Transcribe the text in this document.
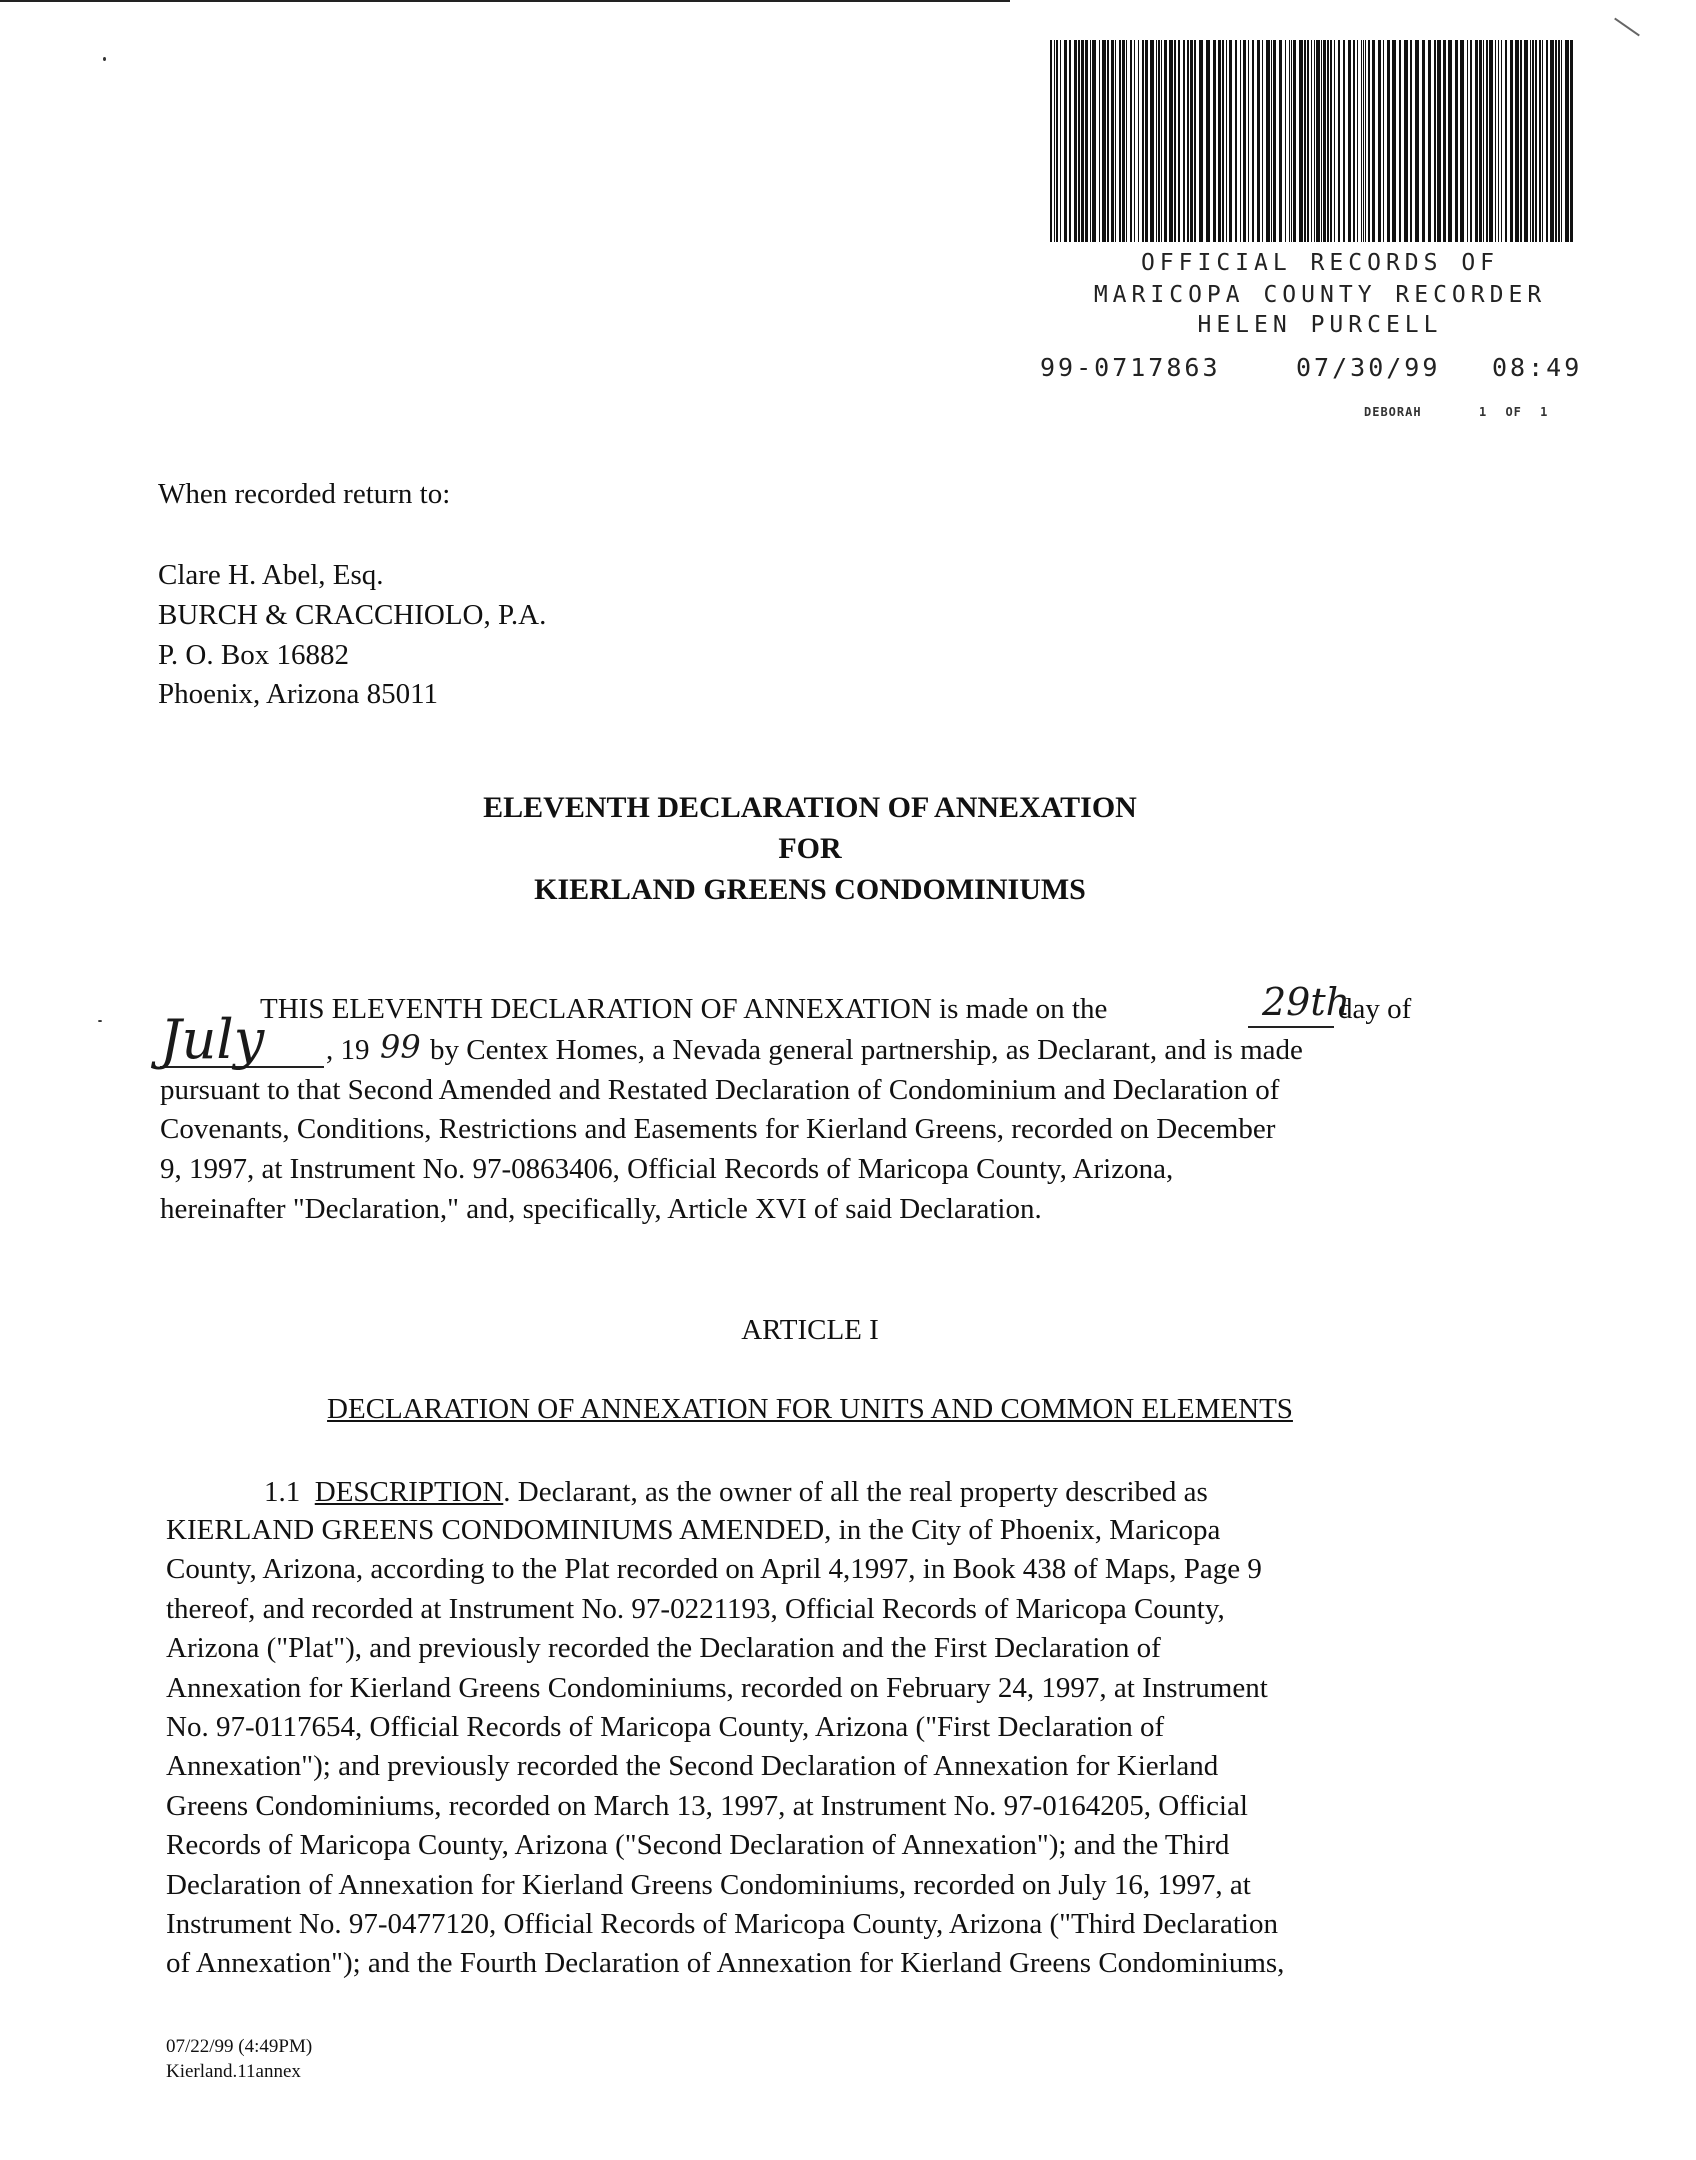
OFFICIAL RECORDS OF
MARICOPA COUNTY RECORDER
HELEN PURCELL
99-0717863	07/30/99 08:49
DEBORAH	1 OF 1
When recorded return to:
Clare H. Abel, Esq.
BURCH & CRACCHIOLO, P.A.
P. O. Box 16882
Phoenix, Arizona 85011
ELEVENTH DECLARATION OF ANNEXATION
FOR
KIERLAND GREENS CONDOMINIUMS
THIS ELEVENTH DECLARATION OF ANNEXATION is made on the	29th
day of
July , 19 99 by Centex Homes, a Nevada general partnership, as Declarant, and is made
pursuant to that Second Amended and Restated Declaration of Condominium and Declaration of
Covenants, Conditions, Restrictions and Easements for Kierland Greens, recorded on December
9, 1997, at Instrument No. 97-0863406, Official Records of Maricopa County, Arizona,
hereinafter "Declaration," and, specifically, Article XVI of said Declaration.
ARTICLE I
DECLARATION OF ANNEXATION FOR UNITS AND COMMON ELEMENTS
1.1 DESCRIPTION. Declarant, as the owner of all the real property described as
KIERLAND GREENS CONDOMINIUMS AMENDED, in the City of Phoenix, Maricopa
County, Arizona, according to the Plat recorded on April 4,1997, in Book 438 of Maps, Page 9
thereof, and recorded at Instrument No. 97-0221193, Official Records of Maricopa County,
Arizona ("Plat"), and previously recorded the Declaration and the First Declaration of
Annexation for Kierland Greens Condominiums, recorded on February 24, 1997, at Instrument
No. 97-0117654, Official Records of Maricopa County, Arizona ("First Declaration of
Annexation"); and previously recorded the Second Declaration of Annexation for Kierland
Greens Condominiums, recorded on March 13, 1997, at Instrument No. 97-0164205, Official
Records of Maricopa County, Arizona ("Second Declaration of Annexation"); and the Third
Declaration of Annexation for Kierland Greens Condominiums, recorded on July 16, 1997, at
Instrument No. 97-0477120, Official Records of Maricopa County, Arizona ("Third Declaration
of Annexation"); and the Fourth Declaration of Annexation for Kierland Greens Condominiums,
07/22/99 (4:49PM)
Kierland.11annex
